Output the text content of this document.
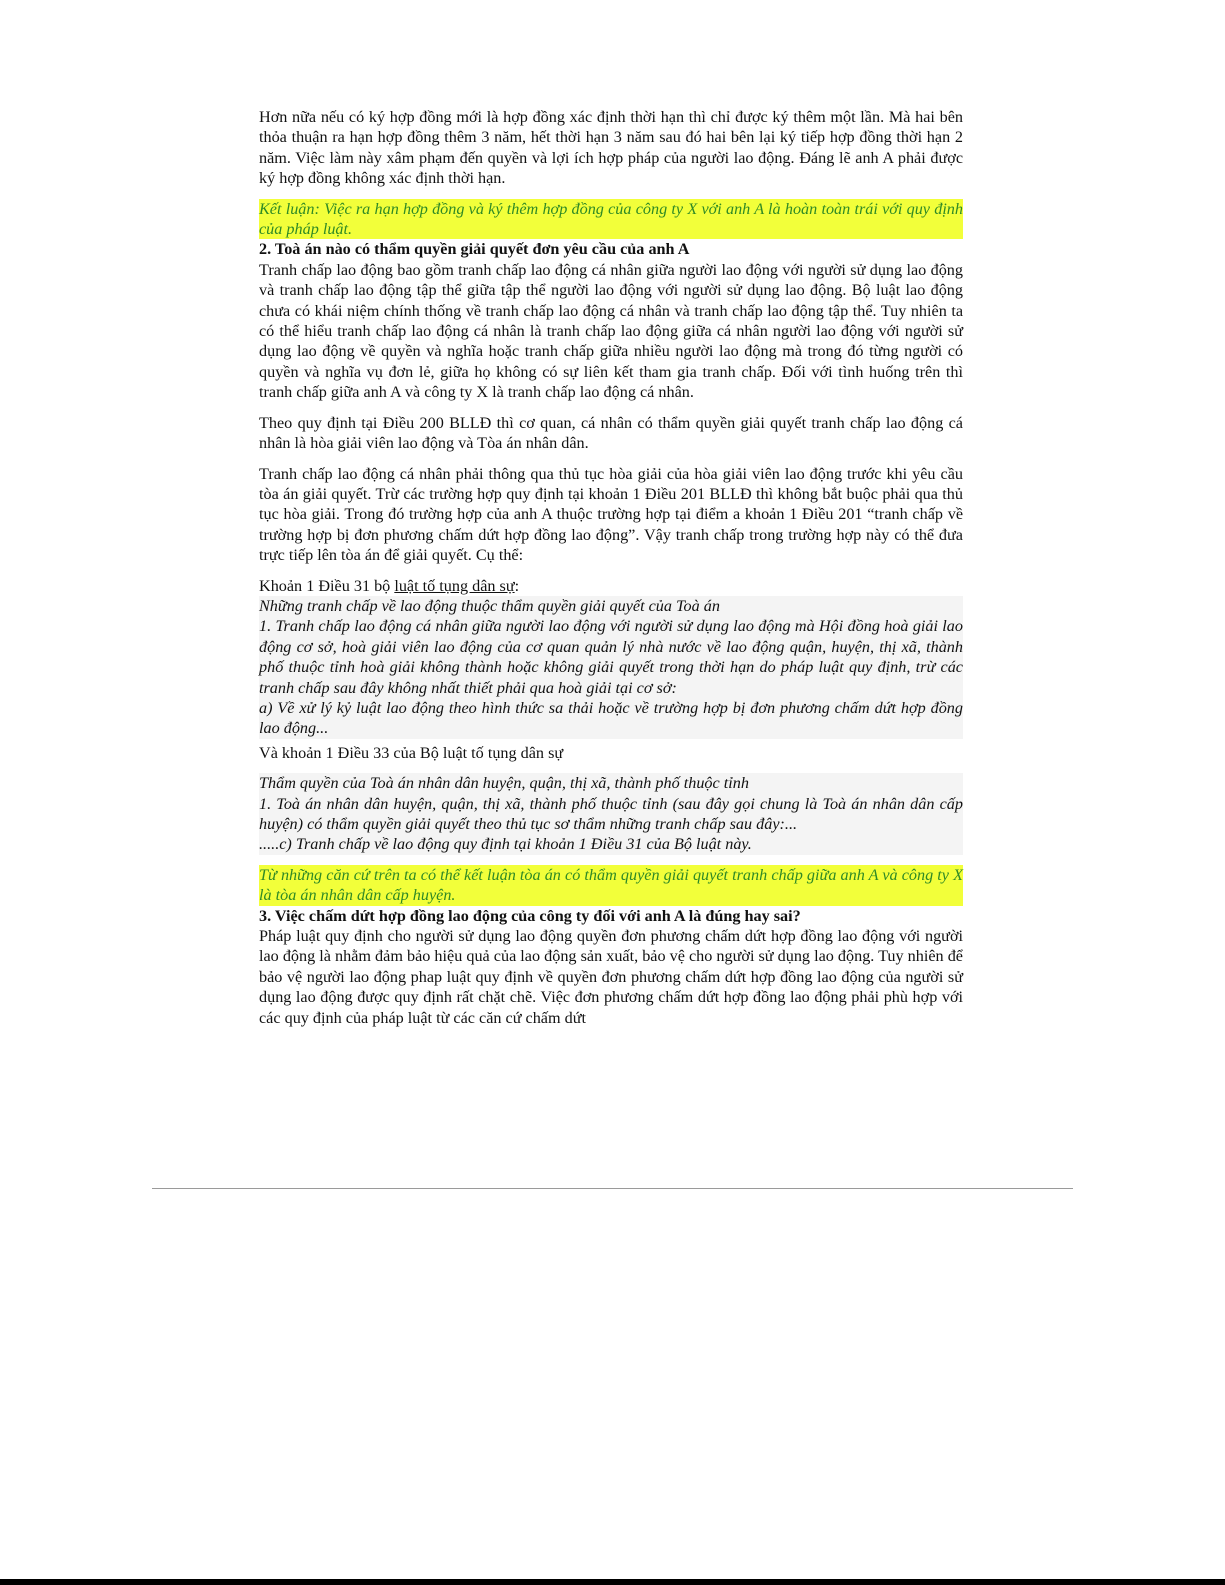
Hơn nữa nếu có ký hợp đồng mới là hợp đồng xác định thời hạn thì chỉ được ký thêm một lần. Mà hai bên thỏa thuận ra hạn hợp đồng thêm 3 năm, hết thời hạn 3 năm sau đó hai bên lại ký tiếp hợp đồng thời hạn 2 năm. Việc làm này xâm phạm đến quyền và lợi ích hợp pháp của người lao động. Đáng lẽ anh A phải được ký hợp đồng không xác định thời hạn.

Kết luận: Việc ra hạn hợp đồng và ký thêm hợp đồng của công ty X với anh A là hoàn toàn trái với quy định của pháp luật.

2. Toà án nào có thẩm quyền giải quyết đơn yêu cầu của anh A

Tranh chấp lao động bao gồm tranh chấp lao động cá nhân giữa người lao động với người sử dụng lao động và tranh chấp lao động tập thể giữa tập thể người lao động với người sử dụng lao động. Bộ luật lao động chưa có khái niệm chính thống về tranh chấp lao động cá nhân và tranh chấp lao động tập thể. Tuy nhiên ta có thể hiểu tranh chấp lao động cá nhân là tranh chấp lao động giữa cá nhân người lao động với người sử dụng lao động về quyền và nghĩa hoặc tranh chấp giữa nhiều người lao động mà trong đó từng người có quyền và nghĩa vụ đơn lẻ, giữa họ không có sự liên kết tham gia tranh chấp. Đối với tình huống trên thì tranh chấp giữa anh A và công ty X là tranh chấp lao động cá nhân.

Theo quy định tại Điều 200 BLLĐ thì cơ quan, cá nhân có thẩm quyền giải quyết tranh chấp lao động cá nhân là hòa giải viên lao động và Tòa án nhân dân.

Tranh chấp lao động cá nhân phải thông qua thủ tục hòa giải của hòa giải viên lao động trước khi yêu cầu tòa án giải quyết. Trừ các trường hợp quy định tại khoản 1 Điều 201 BLLĐ thì không bắt buộc phải qua thủ tục hòa giải. Trong đó trường hợp của anh A thuộc trường hợp tại điểm a khoản 1 Điều 201 “tranh chấp về trường hợp bị đơn phương chấm dứt hợp đồng lao động”. Vậy tranh chấp trong trường hợp này có thể đưa trực tiếp lên tòa án để giải quyết. Cụ thể:

Khoản 1 Điều 31 bộ luật tố tụng dân sự:

Những tranh chấp về lao động thuộc thẩm quyền giải quyết của Toà án
1. Tranh chấp lao động cá nhân giữa người lao động với người sử dụng lao động mà Hội đồng hoà giải lao động cơ sở, hoà giải viên lao động của cơ quan quản lý nhà nước về lao động quận, huyện, thị xã, thành phố thuộc tỉnh hoà giải không thành hoặc không giải quyết trong thời hạn do pháp luật quy định, trừ các tranh chấp sau đây không nhất thiết phải qua hoà giải tại cơ sở:
a) Về xử lý kỷ luật lao động theo hình thức sa thải hoặc về trường hợp bị đơn phương chấm dứt hợp đồng lao động...

Và khoản 1 Điều 33 của Bộ luật tố tụng dân sự

Thẩm quyền của Toà án nhân dân huyện, quận, thị xã, thành phố thuộc tỉnh
1. Toà án nhân dân huyện, quận, thị xã, thành phố thuộc tỉnh (sau đây gọi chung là Toà án nhân dân cấp huyện) có thẩm quyền giải quyết theo thủ tục sơ thẩm những tranh chấp sau đây:...
.....c) Tranh chấp về lao động quy định tại khoản 1 Điều 31 của Bộ luật này.

Từ những căn cứ trên ta có thể kết luận tòa án có thẩm quyền giải quyết tranh chấp giữa anh A và công ty X là tòa án nhân dân cấp huyện.

3. Việc chấm dứt hợp đồng lao động của công ty đối với anh A là đúng hay sai?

Pháp luật quy định cho người sử dụng lao động quyền đơn phương chấm dứt hợp đồng lao động với người lao động là nhằm đảm bảo hiệu quả của lao động sản xuất, bảo vệ cho người sử dụng lao động. Tuy nhiên để bảo vệ người lao động phap luật quy định về quyền đơn phương chấm dứt hợp đồng lao động của người sử dụng lao động được quy định rất chặt chẽ. Việc đơn phương chấm dứt hợp đồng lao động phải phù hợp với các quy định của pháp luật từ các căn cứ chấm dứt
